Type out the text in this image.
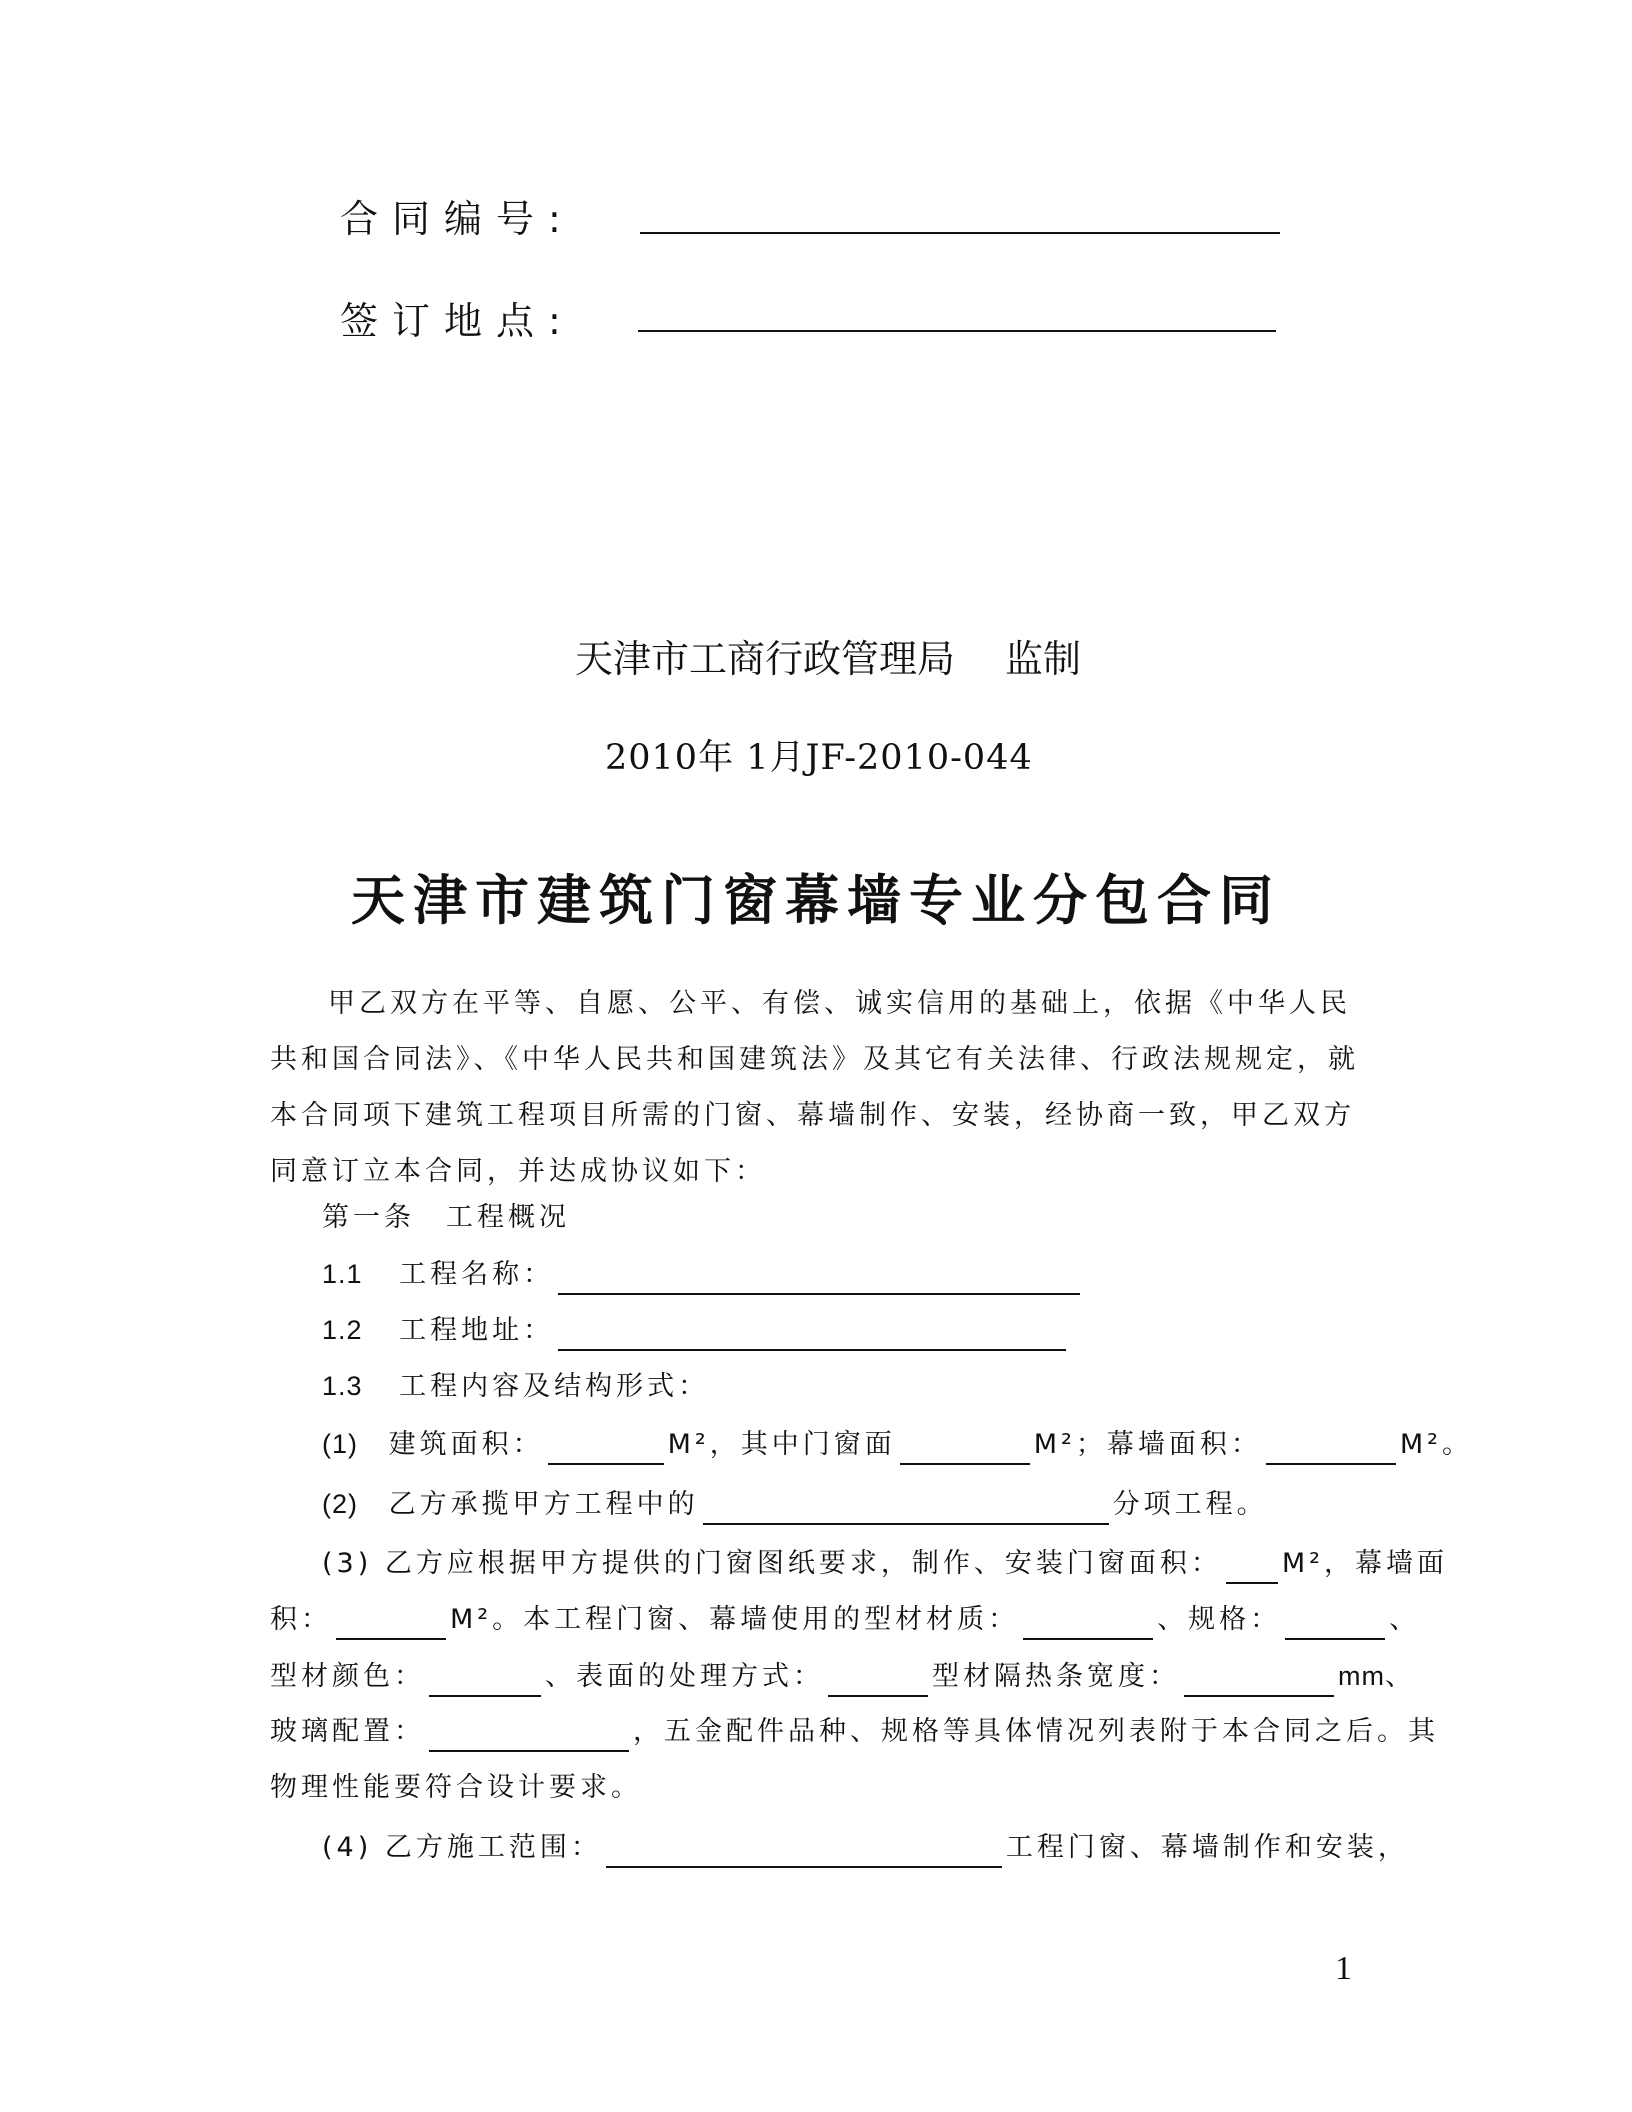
合同编号:
签订地点:
天津市工商行政管理局 监制
2010年 1月JF-2010-044
天津市建筑门窗幕墙专业分包合同
甲乙双方在平等、自愿、公平、有偿、诚实信用的基础上，依据《中华人民共和国合同法》、《中华人民共和国建筑法》及其它有关法律、行政法规规定，就本合同项下建筑工程项目所需的门窗、幕墙制作、安装，经协商一致，甲乙双方同意订立本合同，并达成协议如下：
第一条　工程概况
1.1 工程名称：
1.2 工程地址：
1.3 工程内容及结构形式：
(1) 建筑面积：	M²，其中门窗面	M²；幕墙面积：	M²。
(2) 乙方承揽甲方工程中的	分项工程。
(3) 乙方应根据甲方提供的门窗图纸要求，制作、安装门窗面积： M²，幕墙面
积：	M²。本工程门窗、幕墙使用的型材材质：	、规格：	、
型材颜色：	、表面的处理方式：	型材隔热条宽度：	mm、
玻璃配置：	，五金配件品种、规格等具体情况列表附于本合同之后。其
物理性能要符合设计要求。
(4) 乙方施工范围：	工程门窗、幕墙制作和安装，
1
